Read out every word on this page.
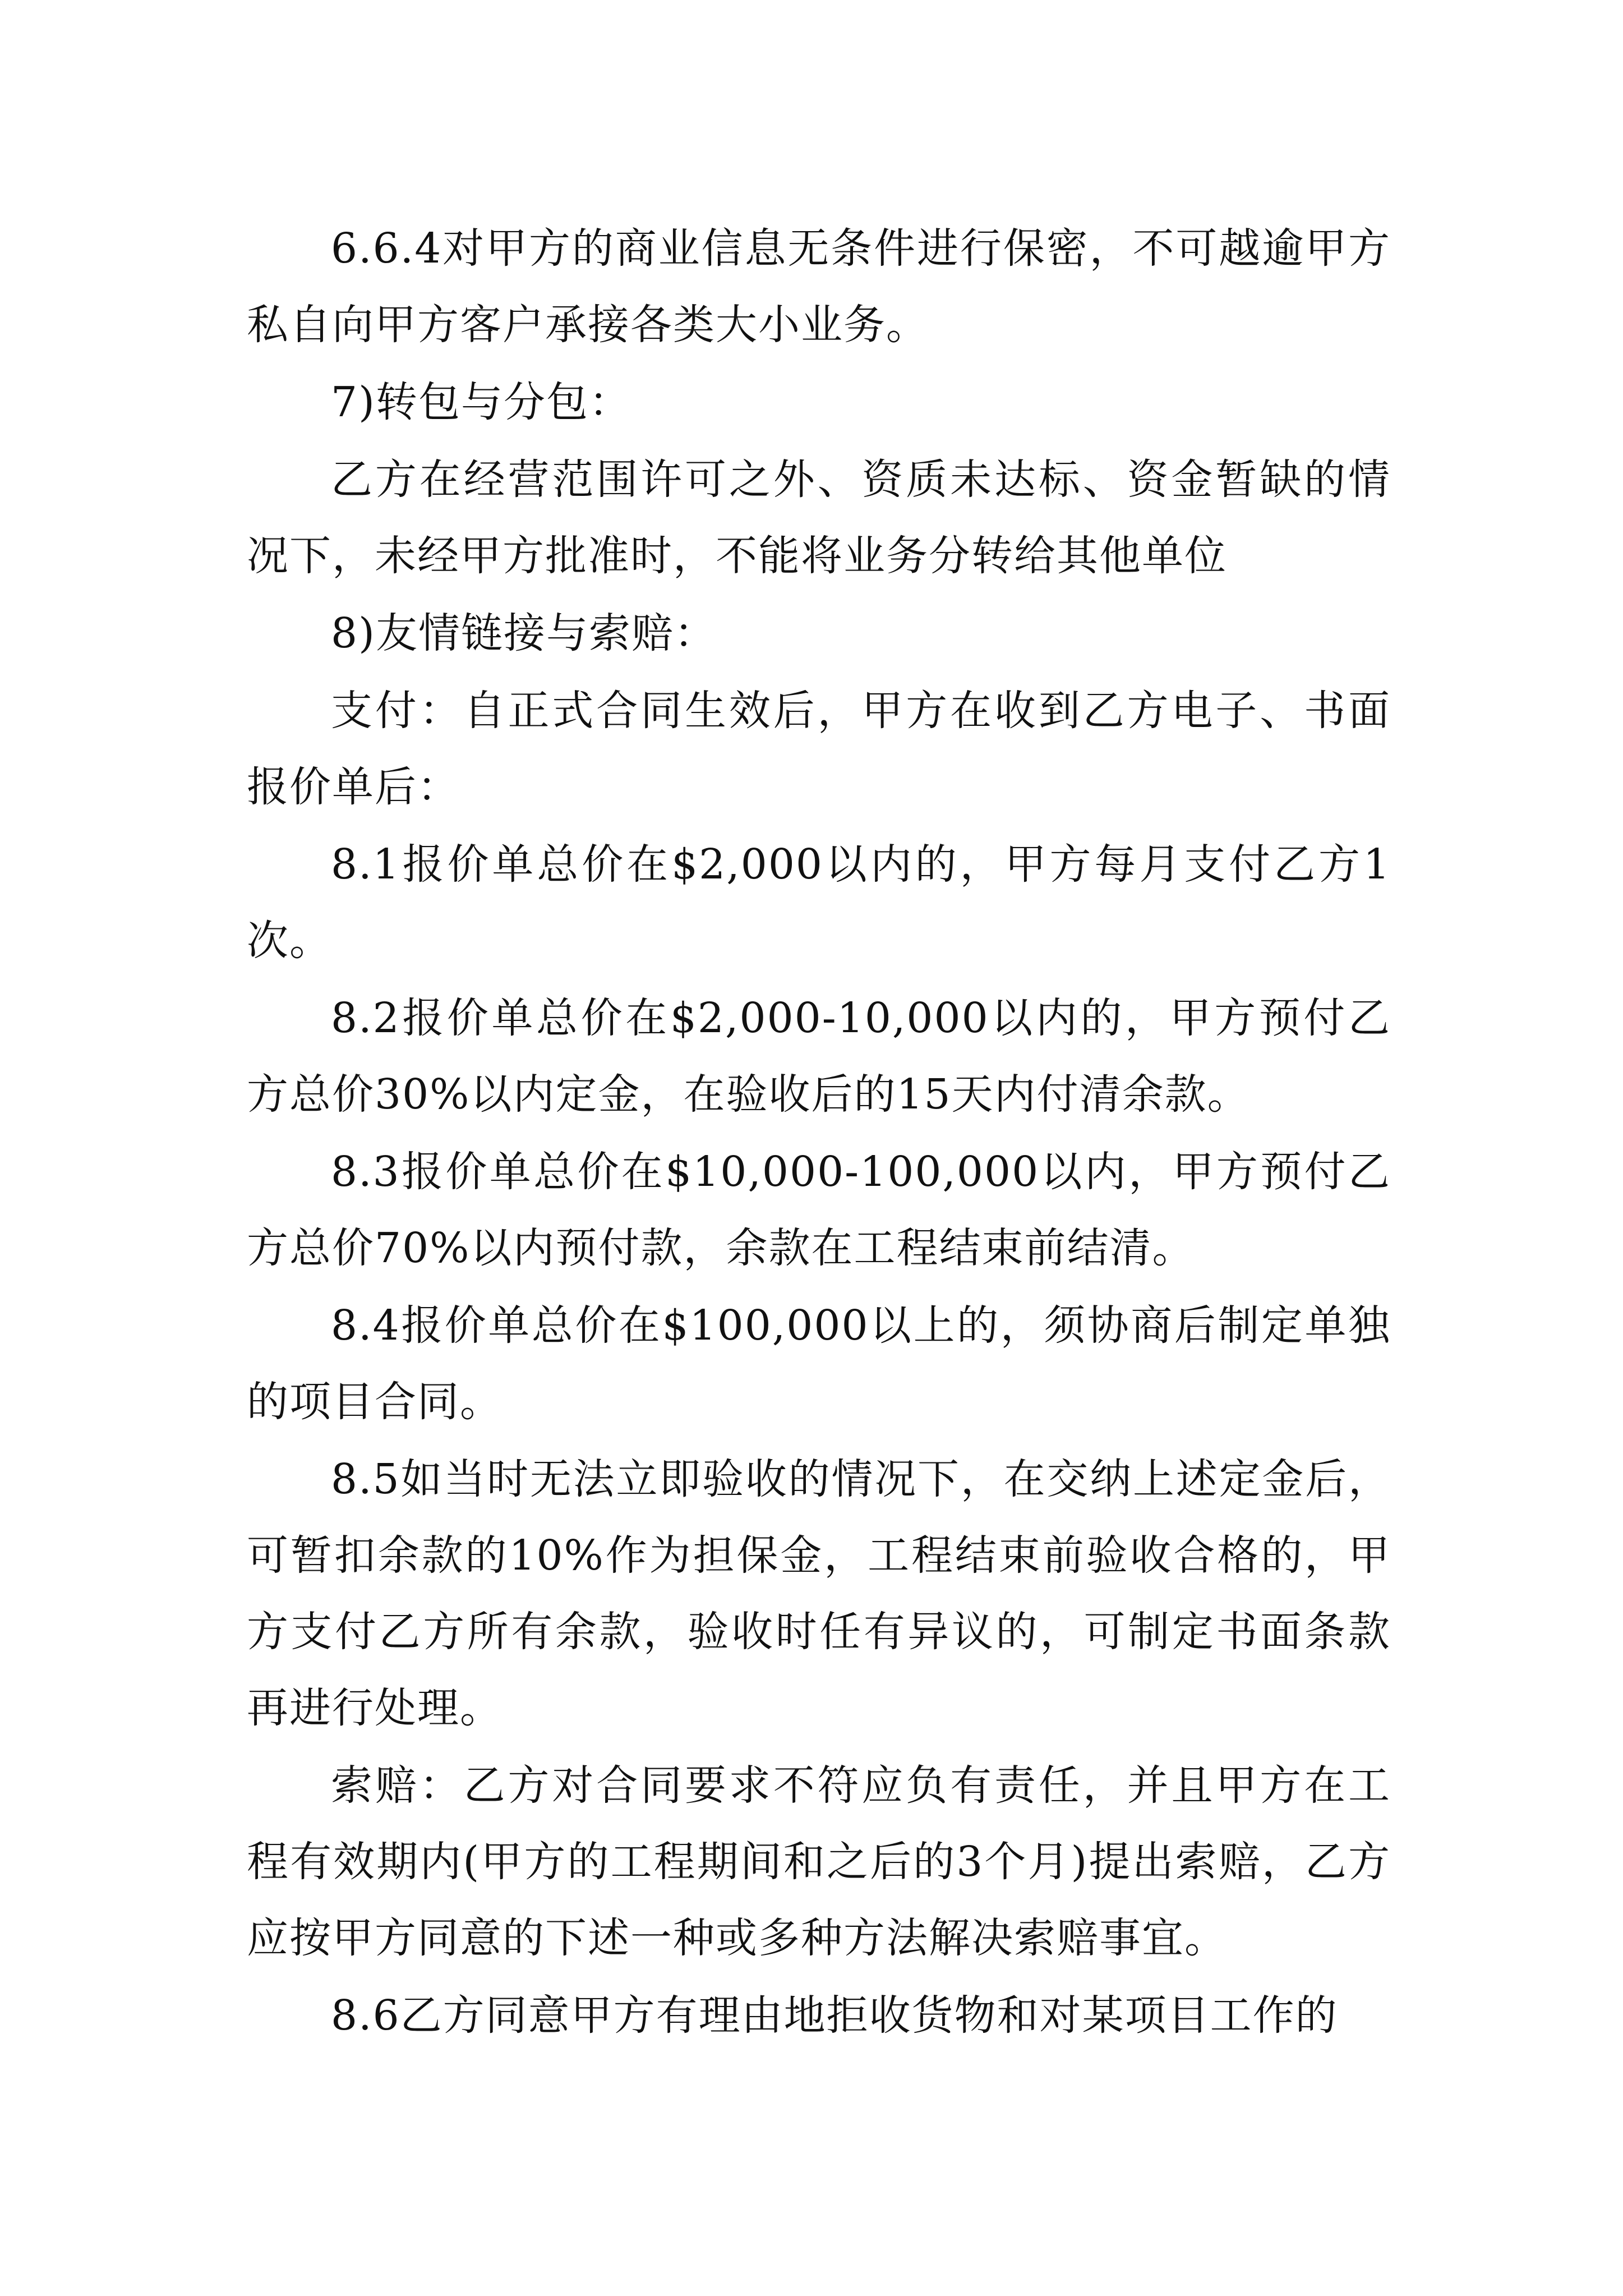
6.6.4对甲方的商业信息无条件进行保密，不可越逾甲方私自向甲方客户承接各类大小业务。

7)转包与分包：

乙方在经营范围许可之外、资质未达标、资金暂缺的情况下，未经甲方批准时，不能将业务分转给其他单位

8)友情链接与索赔：

支付：自正式合同生效后，甲方在收到乙方电子、书面报价单后：

8.1报价单总价在$2,000以内的，甲方每月支付乙方1次。

8.2报价单总价在$2,000-10,000以内的，甲方预付乙方总价30%以内定金，在验收后的15天内付清余款。

8.3报价单总价在$10,000-100,000以内，甲方预付乙方总价70%以内预付款，余款在工程结束前结清。

8.4报价单总价在$100,000以上的，须协商后制定单独的项目合同。

8.5如当时无法立即验收的情况下，在交纳上述定金后，可暂扣余款的10%作为担保金，工程结束前验收合格的，甲方支付乙方所有余款，验收时任有异议的，可制定书面条款再进行处理。

索赔：乙方对合同要求不符应负有责任，并且甲方在工程有效期内(甲方的工程期间和之后的3个月)提出索赔，乙方应按甲方同意的下述一种或多种方法解决索赔事宜。

8.6乙方同意甲方有理由地拒收货物和对某项目工作的
